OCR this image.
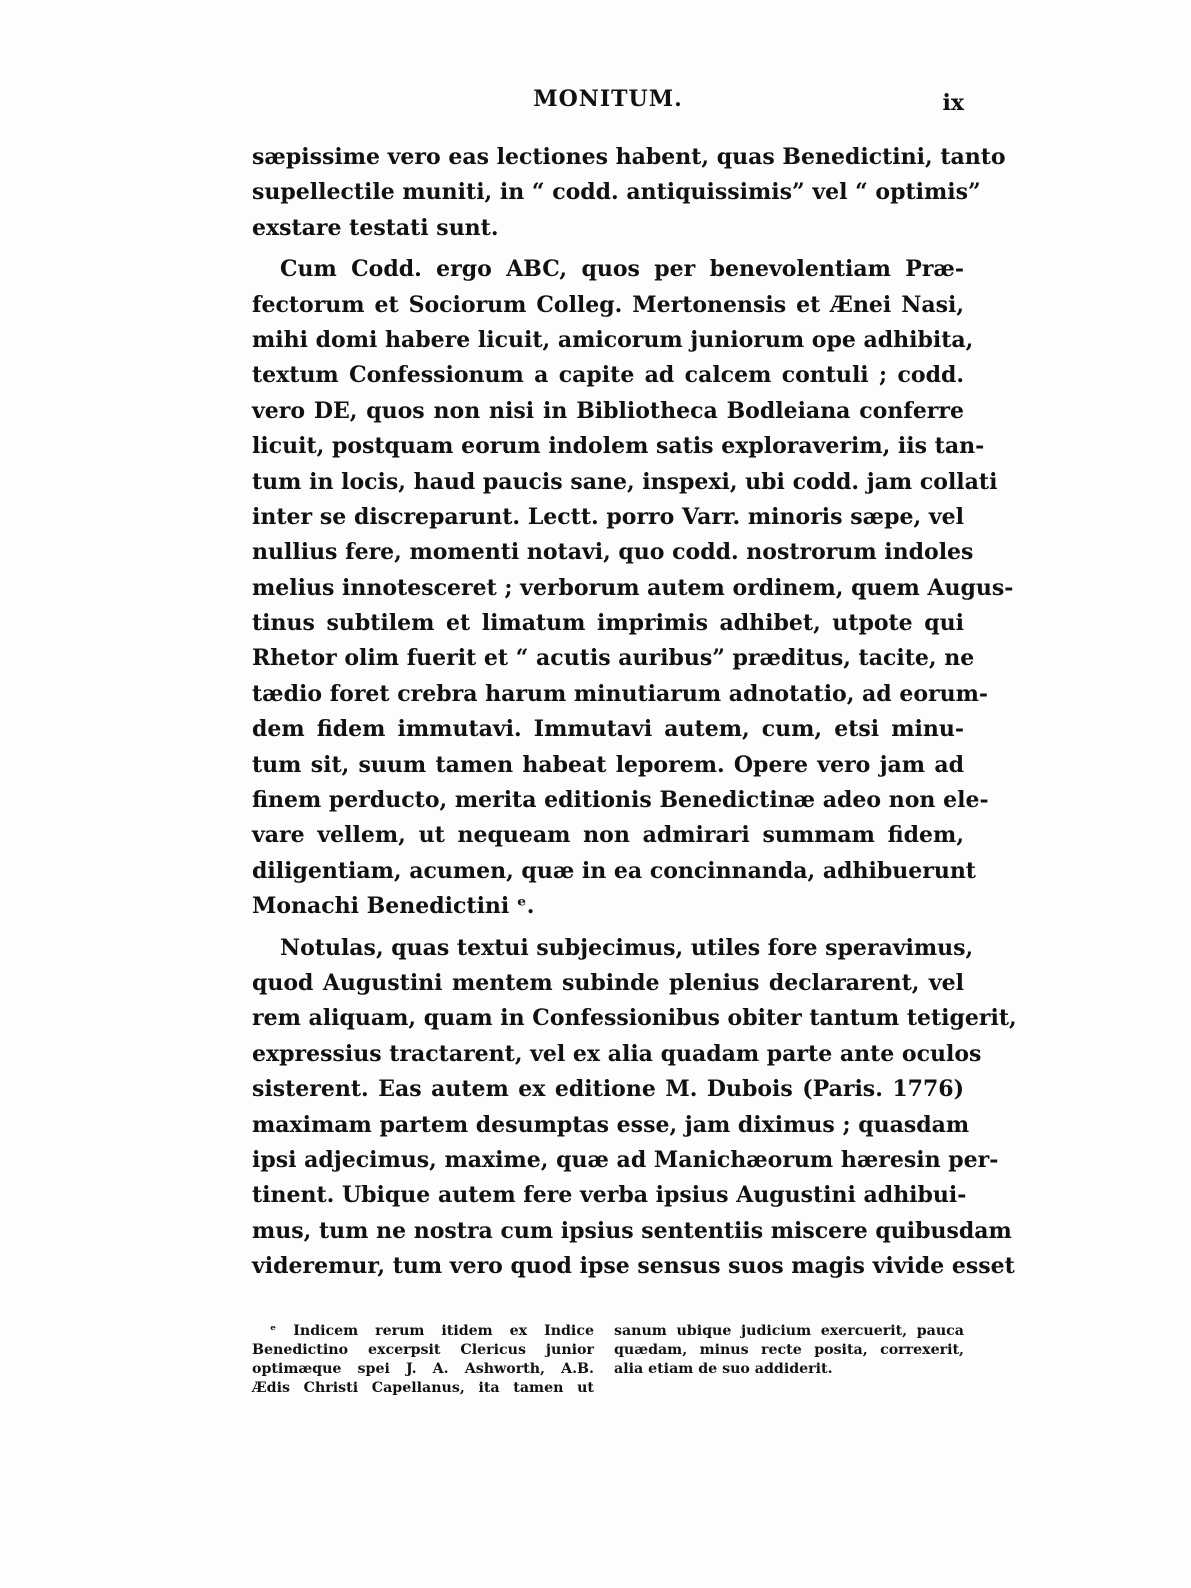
MONITUM.	ix
sæpissime vero eas lectiones habent, quas Benedictini, tanto
supellectile muniti, in “ codd. antiquissimis” vel “ optimis”
exstare testati sunt.
Cum Codd. ergo ABC, quos per benevolentiam Præ-
fectorum et Sociorum Colleg. Mertonensis et Ænei Nasi,
mihi domi habere licuit, amicorum juniorum ope adhibita,
textum Confessionum a capite ad calcem contuli ; codd.
vero DE, quos non nisi in Bibliotheca Bodleiana conferre
licuit, postquam eorum indolem satis exploraverim, iis tan-
tum in locis, haud paucis sane, inspexi, ubi codd. jam collati
inter se discreparunt. Lectt. porro Varr. minoris sæpe, vel
nullius fere, momenti notavi, quo codd. nostrorum indoles
melius innotesceret ; verborum autem ordinem, quem Augus-
tinus subtilem et limatum imprimis adhibet, utpote qui
Rhetor olim fuerit et “ acutis auribus” præditus, tacite, ne
tædio foret crebra harum minutiarum adnotatio, ad eorum-
dem fidem immutavi. Immutavi autem, cum, etsi minu-
tum sit, suum tamen habeat leporem. Opere vero jam ad
finem perducto, merita editionis Benedictinæ adeo non ele-
vare vellem, ut nequeam non admirari summam fidem,
diligentiam, acumen, quæ in ea concinnanda, adhibuerunt
Monachi Benedictini ᵉ.
Notulas, quas textui subjecimus, utiles fore speravimus,
quod Augustini mentem subinde plenius declararent, vel
rem aliquam, quam in Confessionibus obiter tantum tetigerit,
expressius tractarent, vel ex alia quadam parte ante oculos
sisterent. Eas autem ex editione M. Dubois (Paris. 1776)
maximam partem desumptas esse, jam diximus ; quasdam
ipsi adjecimus, maxime, quæ ad Manichæorum hæresin per-
tinent. Ubique autem fere verba ipsius Augustini adhibui-
mus, tum ne nostra cum ipsius sententiis miscere quibusdam
videremur, tum vero quod ipse sensus suos magis vivide esset
ᵉ Indicem rerum itidem ex Indice
Benedictino excerpsit Clericus junior
optimæque spei J. A. Ashworth, A.B.
Ædis Christi Capellanus, ita tamen ut
sanum ubique judicium exercuerit, pauca
quædam, minus recte posita, correxerit,
alia etiam de suo addiderit.
